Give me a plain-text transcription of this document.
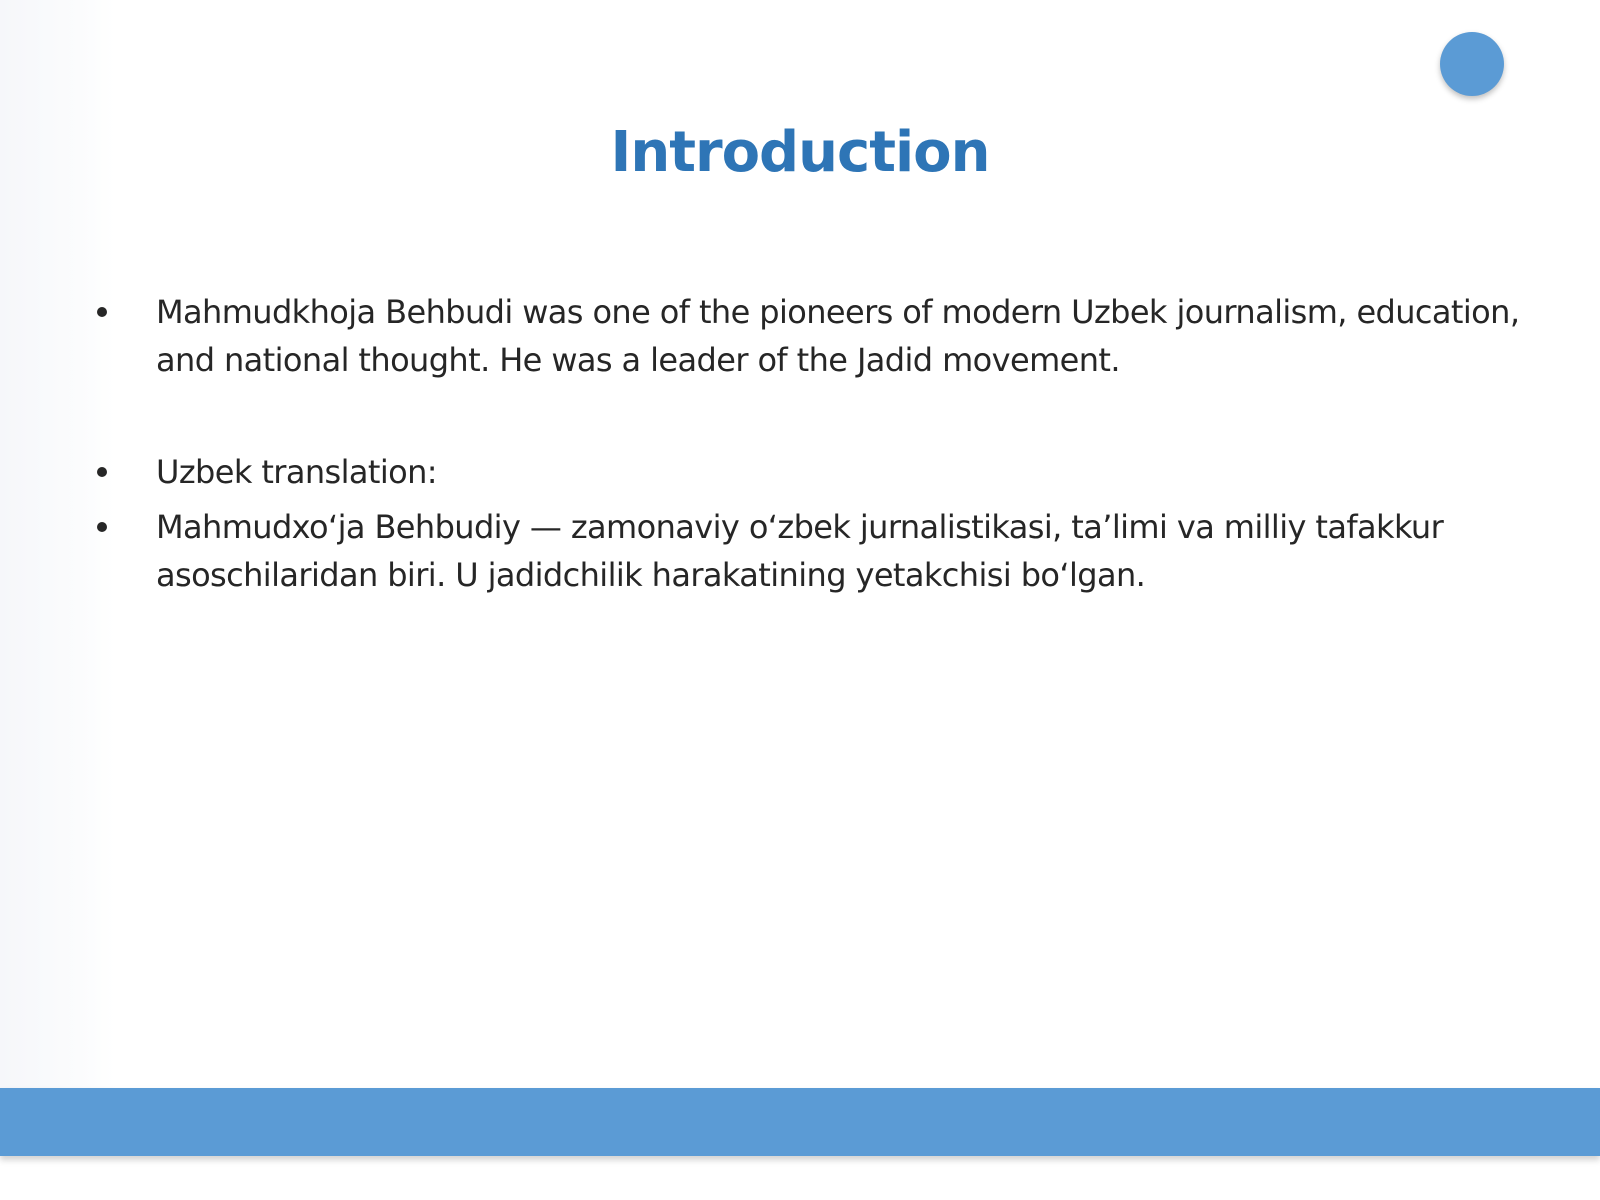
Introduction
Mahmudkhoja Behbudi was one of the pioneers of modern Uzbek journalism, education, and national thought. He was a leader of the Jadid movement.
Uzbek translation:
Mahmudxoʻja Behbudiy — zamonaviy oʻzbek jurnalistikasi, taʼlimi va milliy tafakkur asoschilaridan biri. U jadidchilik harakatining yetakchisi boʻlgan.
